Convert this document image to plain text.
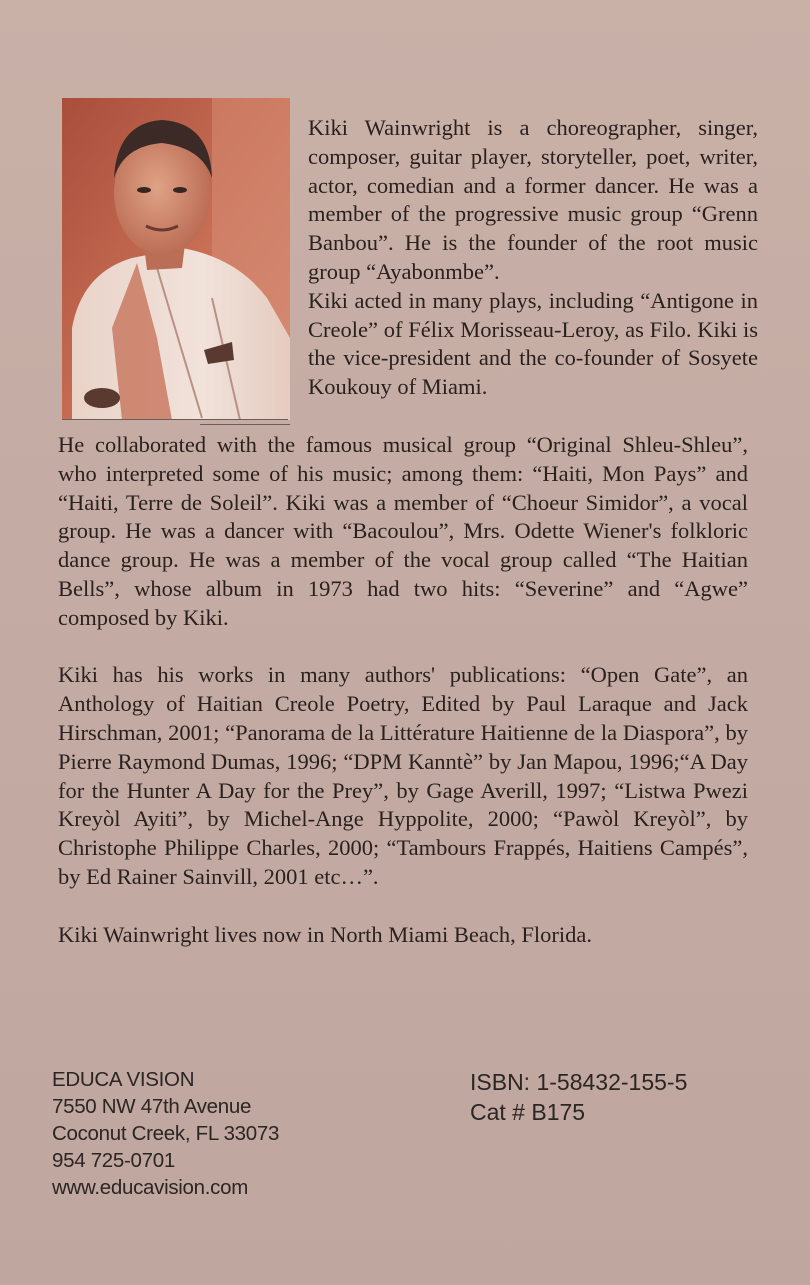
Kiki Wainwright is a choreographer, singer, composer, guitar player, storyteller, poet, writer, actor, comedian and a former dancer. He was a member of the progressive music group “Grenn Banbou”. He is the founder of the root music group “Ayabonmbe”.

Kiki acted in many plays, including “Antigone in Creole” of Félix Morisseau-Leroy, as Filo. Kiki is the vice-president and the co-founder of Sosyete Koukouy of Miami.

He collaborated with the famous musical group “Original Shleu-Shleu”, who interpreted some of his music; among them: “Haiti, Mon Pays” and “Haiti, Terre de Soleil”. Kiki was a member of “Choeur Simidor”, a vocal group. He was a dancer with “Bacoulou”, Mrs. Odette Wiener's folkloric dance group. He was a member of the vocal group called “The Haitian Bells”, whose album in 1973 had two hits: “Severine” and “Agwe” composed by Kiki.

Kiki has his works in many authors' publications: “Open Gate”, an Anthology of Haitian Creole Poetry, Edited by Paul Laraque and Jack Hirschman, 2001; “Panorama de la Littérature Haitienne de la Diaspora”, by Pierre Raymond Dumas, 1996; “DPM Kanntè” by Jan Mapou, 1996;“A Day for the Hunter A Day for the Prey”, by Gage Averill, 1997; “Listwa Pwezi Kreyòl Ayiti”, by Michel-Ange Hyppolite, 2000; “Pawòl Kreyòl”, by Christophe Philippe Charles, 2000; “Tambours Frappés, Haitiens Campés”, by Ed Rainer Sainvill, 2001 etc…”.

Kiki Wainwright lives now in North Miami Beach, Florida.

EDUCA VISION
7550 NW 47th Avenue
Coconut Creek, FL 33073
954 725-0701
www.educavision.com
ISBN: 1-58432-155-5
Cat # B175
